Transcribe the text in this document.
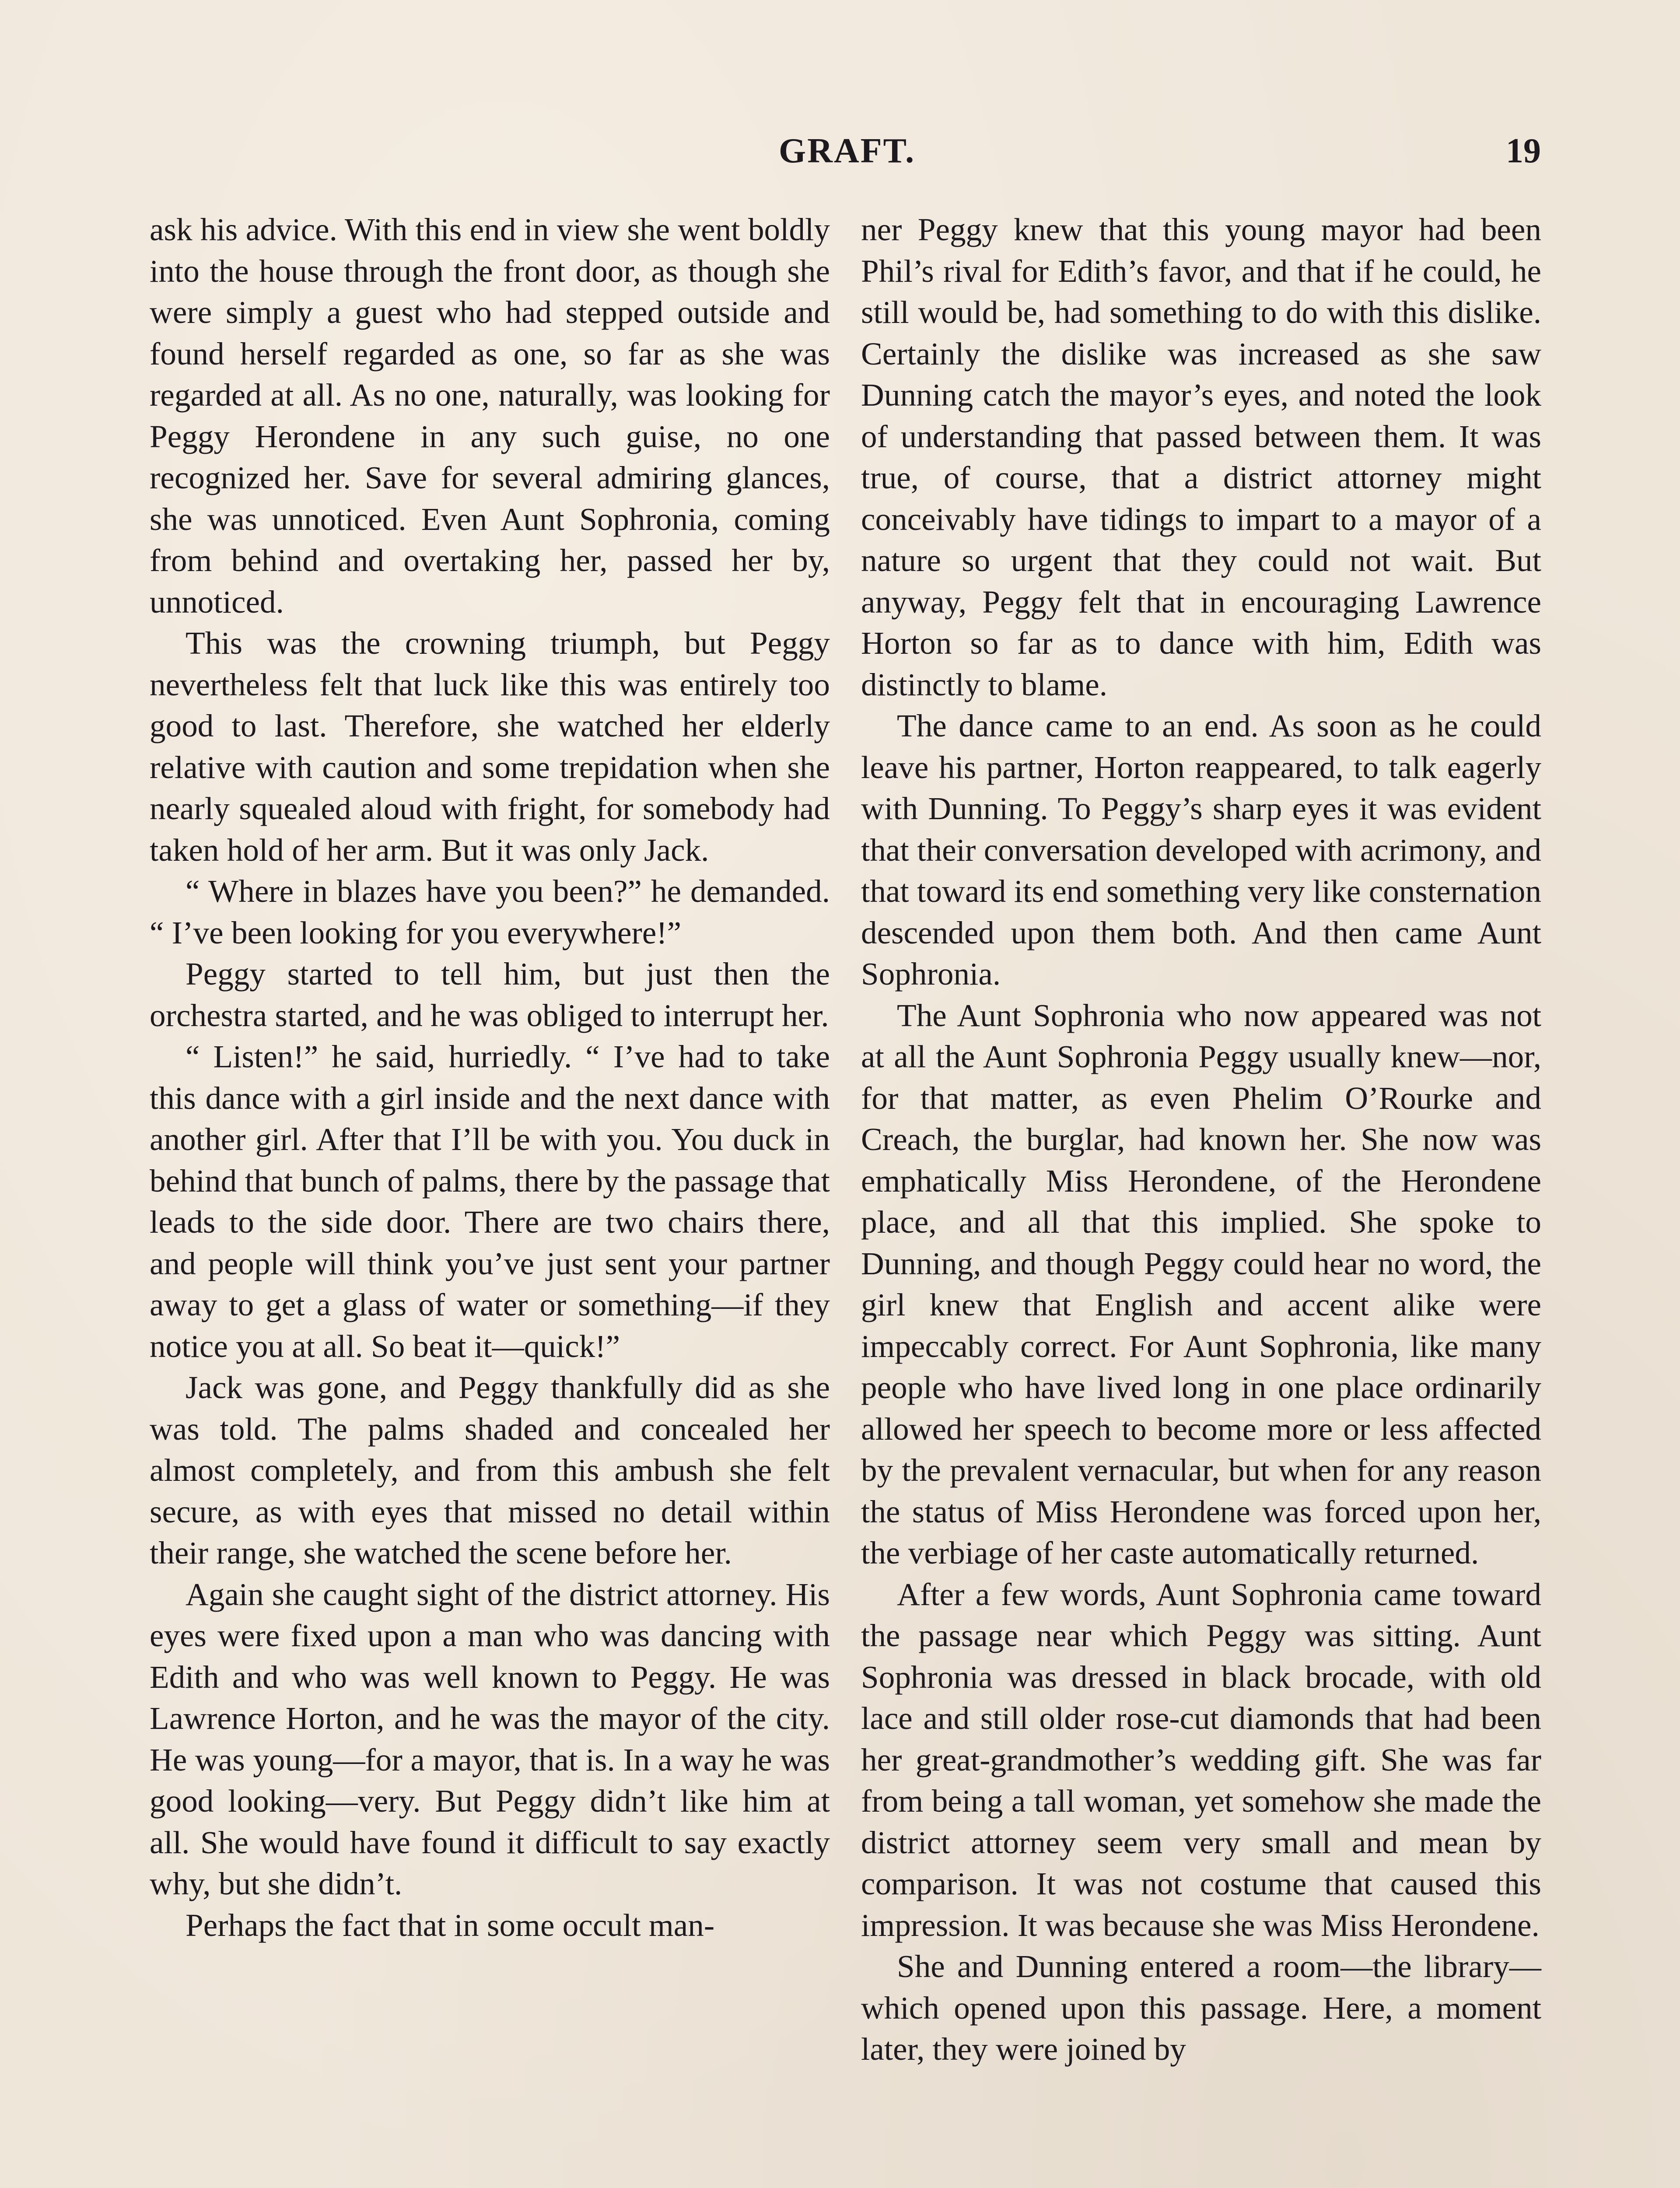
GRAFT.	19

ask his advice. With this end in view she went boldly into the house through the front door, as though she were simply a guest who had stepped outside and found herself regarded as one, so far as she was regarded at all. As no one, naturally, was looking for Peggy Herondene in any such guise, no one recognized her. Save for several admiring glances, she was unnoticed. Even Aunt Sophronia, coming from behind and overtaking her, passed her by, unnoticed.

This was the crowning triumph, but Peggy nevertheless felt that luck like this was entirely too good to last. Therefore, she watched her elderly relative with caution and some trepidation when she nearly squealed aloud with fright, for somebody had taken hold of her arm. But it was only Jack.

“ Where in blazes have you been?” he demanded. “ I’ve been looking for you everywhere!”

Peggy started to tell him, but just then the orchestra started, and he was obliged to interrupt her.

“ Listen!” he said, hurriedly. “ I’ve had to take this dance with a girl inside and the next dance with another girl. After that I’ll be with you. You duck in behind that bunch of palms, there by the passage that leads to the side door. There are two chairs there, and people will think you’ve just sent your partner away to get a glass of water or something—if they notice you at all. So beat it—quick!”

Jack was gone, and Peggy thankfully did as she was told. The palms shaded and concealed her almost completely, and from this ambush she felt secure, as with eyes that missed no detail within their range, she watched the scene before her.

Again she caught sight of the district attorney. His eyes were fixed upon a man who was dancing with Edith and who was well known to Peggy. He was Lawrence Horton, and he was the mayor of the city. He was young—for a mayor, that is. In a way he was good looking—very. But Peggy didn’t like him at all. She would have found it difficult to say exactly why, but she didn’t.

Perhaps the fact that in some occult man-

ner Peggy knew that this young mayor had been Phil’s rival for Edith’s favor, and that if he could, he still would be, had something to do with this dislike. Certainly the dislike was increased as she saw Dunning catch the mayor’s eyes, and noted the look of understanding that passed between them. It was true, of course, that a district attorney might conceivably have tidings to impart to a mayor of a nature so urgent that they could not wait. But anyway, Peggy felt that in encouraging Lawrence Horton so far as to dance with him, Edith was distinctly to blame.

The dance came to an end. As soon as he could leave his partner, Horton reappeared, to talk eagerly with Dunning. To Peggy’s sharp eyes it was evident that their conversation developed with acrimony, and that toward its end something very like consternation descended upon them both. And then came Aunt Sophronia.

The Aunt Sophronia who now appeared was not at all the Aunt Sophronia Peggy usually knew—nor, for that matter, as even Phelim O’Rourke and Creach, the burglar, had known her. She now was emphatically Miss Herondene, of the Herondene place, and all that this implied. She spoke to Dunning, and though Peggy could hear no word, the girl knew that English and accent alike were impeccably correct. For Aunt Sophronia, like many people who have lived long in one place ordinarily allowed her speech to become more or less affected by the prevalent vernacular, but when for any reason the status of Miss Herondene was forced upon her, the verbiage of her caste automatically returned.

After a few words, Aunt Sophronia came toward the passage near which Peggy was sitting. Aunt Sophronia was dressed in black brocade, with old lace and still older rose-cut diamonds that had been her great-grandmother’s wedding gift. She was far from being a tall woman, yet somehow she made the district attorney seem very small and mean by comparison. It was not costume that caused this impression. It was because she was Miss Herondene.

She and Dunning entered a room—the library—which opened upon this passage. Here, a moment later, they were joined by
